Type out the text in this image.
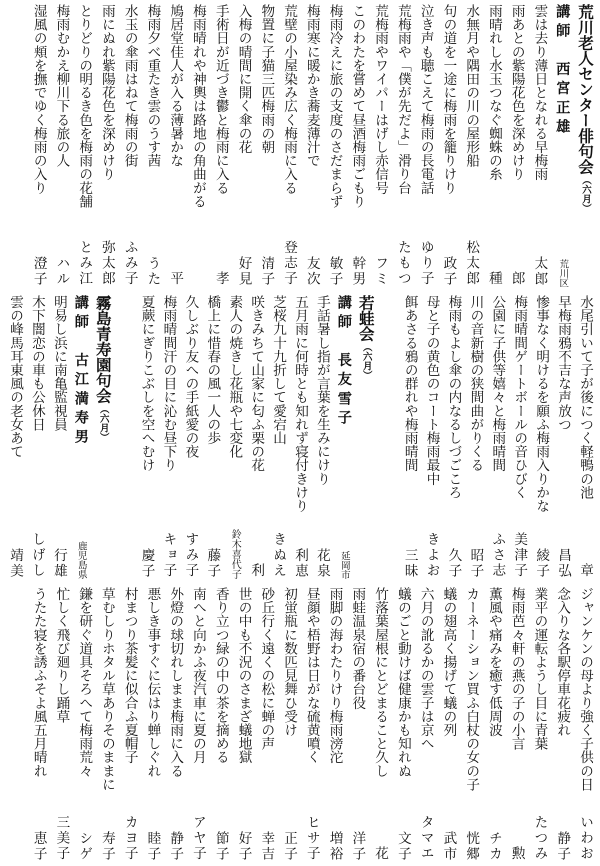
荒川老人センター俳句会
（六月）
講師　西宮正雄
荒川区
雲は去り薄日となれる早梅雨
太郎
雨あとの紫陽花色を深めけり
郎
雨晴れし水玉つなぐ蜘蛛の糸
種
水無月や隅田の川の屋形船
松太郎
句の道を一途に梅雨を籠りけり
政子
泣き声も聴こえて梅雨の長電話
ゆり子
荒梅雨や「僕が先だよ」滑り台
たもつ
荒梅雨やワイパーはげし赤信号
フミ
このわたを嘗めて昼酒梅雨ごもり
幹男
梅雨冷えに旅の支度のさだまらず
敏子
梅雨寒に暖かき蕎麦薄汁で
友次
荒壁の小屋染み広く梅雨に入る
登志子
物置に子猫三匹梅雨の朝
清子
入梅の晴間に開く傘の花
好見
手術日が近づき鬱と梅雨に入る
孝
梅雨晴れや神輿は路地の角曲がる
鳩居堂佳人が入る薄暑かな
平
梅雨夕べ重たき雲のうす茜
うた
水玉の傘雨はねて梅雨の街
ふみ子
雨にぬれ紫陽花色を深めけり
弥太郎
とりどりの明るき色を梅雨の花舗
とみ江
梅雨むかえ柳川下る旅の人
ハル
湿風の頬を撫でゆく梅雨の入り
澄子
水尾引いて子が後につく軽鴨の池
章
早梅雨鴉不吉な声放つ
昌弘
惨事なく明けるを願ふ梅雨入りかな
綾子
梅雨晴間ゲートボールの音ひびく
美津子
公園に子供等嬉々と梅雨晴間
ふさ志
川の音新樹の狭間曲がりくる
昭子
梅雨もよし傘の内なるしづごころ
久子
母と子の黄色のコート梅雨最中
きよお
餌あさる鴉の群れや梅雨晴間
三昧
若蛙会
（六月）
講師　長友雪子
延岡市
手話暑し指が言葉を生みにけり
花泉
五月雨に何時とも知れず寝付きけり
利恵
芝桜九十九折して愛宕山
きぬえ
咲きみちて山家に匂ふ栗の花
利
素人の焼きし花瓶や七変化
鈴木喜代子
橋上に惜春の風一人の歩
藤子
久しぶり友への手紙愛の夜
すみ子
梅雨晴間汗の目に沁む昼下り
キョ子
夏蕨にぎりこぶしを空へむけ
慶子
霧島青寿園句会
（六月）
講師　古江満寿男
鹿児島県
明易し浜に南亀監視員
行雄
木下闇恋の車も公休日
しげし
雲の峰馬耳東風の老女あて
靖美
ジャンケンの母より強く子供の日
いわお
念入りな各駅停車花疲れ
静子
業平の運転ようし目に青葉
たつみ
梅雨芭々軒の燕の子の小言
勲
薫風や痛みを癒す低周波
チカ
カーネーション買ふ白杖の女の子
恍郷
蟻の翅高く揚げて蟻の列
武市
六月の訛るかの雲子は京へ
タマエ
蟻のごと動けば健康かも知れぬ
文子
竹落葉屋根にとどまること久し
花
雨蛙温泉宿の番台役
洋子
雨脚の海わたりけり梅雨滂沱
増裕
昼顔や梧野は日がな硫黄噴く
ヒサ子
初蛍瓶に数匹見舞ひ受け
正子
砂丘行く遠くの松に蝉の声
幸吉
世の中も不況のさまざ蟻地獄
好子
香り立つ緑の中の茶を摘める
節子
南へと向かふ夜汽車に夏の月
アヤ子
外燈の球切れしまま梅雨に入る
静子
悪しき事すぐに伝はり蝉しぐれ
睦子
村まつり茶髪に似合ふ夏帽子
カヨ子
草むしりホタル草ありそのままに
寿子
鎌を研ぐ道具そろへて梅雨荒々
シゲ
忙しく飛び廻りし踊草
三美子
うたた寝を誘ふそよ風五月晴れ
恵子
